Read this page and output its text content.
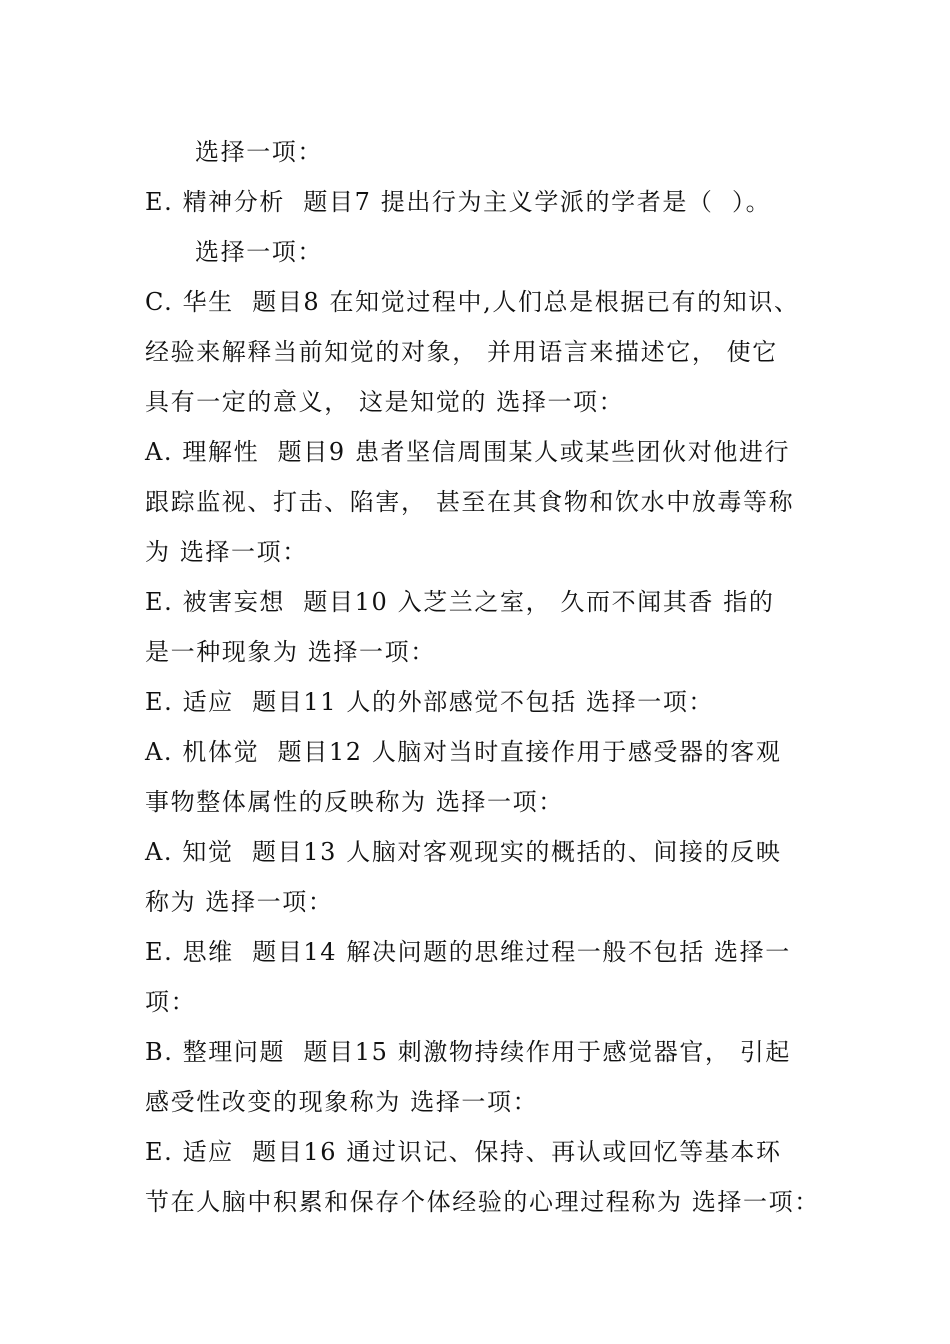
选择一项：
E. 精神分析  题目7 提出行为主义学派的学者是（  ）。
选择一项：
C. 华生  题目8 在知觉过程中,人们总是根据已有的知识、
经验来解释当前知觉的对象， 并用语言来描述它， 使它
具有一定的意义， 这是知觉的 选择一项：
A. 理解性  题目9 患者坚信周围某人或某些团伙对他进行
跟踪监视、打击、陷害， 甚至在其食物和饮水中放毒等称
为 选择一项：
E. 被害妄想  题目10 入芝兰之室， 久而不闻其香 指的
是一种现象为 选择一项：
E. 适应  题目11 人的外部感觉不包括 选择一项：
A. 机体觉  题目12 人脑对当时直接作用于感受器的客观
事物整体属性的反映称为 选择一项：
A. 知觉  题目13 人脑对客观现实的概括的、间接的反映
称为 选择一项：
E. 思维  题目14 解决问题的思维过程一般不包括 选择一
项：
B. 整理问题  题目15 刺激物持续作用于感觉器官， 引起
感受性改变的现象称为 选择一项：
E. 适应  题目16 通过识记、保持、再认或回忆等基本环
节在人脑中积累和保存个体经验的心理过程称为 选择一项：
